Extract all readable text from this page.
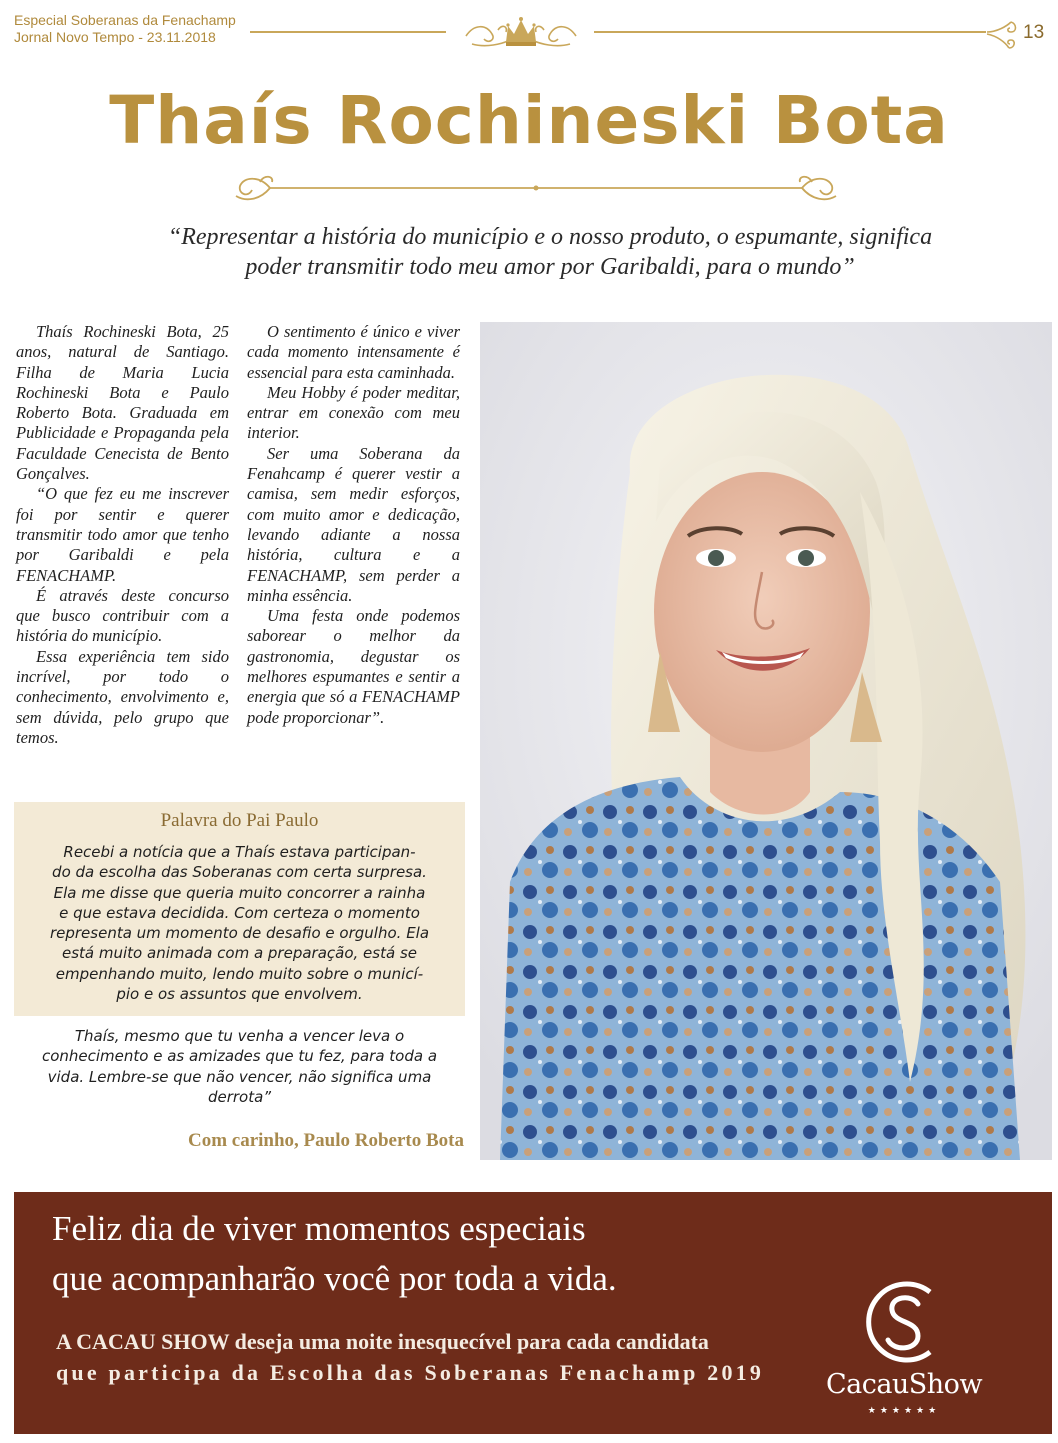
Especial Soberanas da Fenachamp
Jornal Novo Tempo - 23.11.2018	13
Thaís Rochineski Bota
“Representar a história do município e o nosso produto, o espumante, significa
poder transmitir todo meu amor por Garibaldi, para o mundo”

Thaís Rochineski Bota, 25 anos, natural de Santiago. Filha de Maria Lucia Rochineski Bota e Paulo Roberto Bota. Graduada em Publicidade e Propaganda pela Faculdade Cenecista de Bento Gonçalves.

“O que fez eu me inscrever foi por sentir e querer transmitir todo amor que tenho por Garibaldi e pela FENACHAMP.

É através deste concurso que busco contribuir com a história do município.

Essa experiência tem sido incrível, por todo o conhecimento, envolvimento e, sem dúvida, pelo grupo que temos.

O sentimento é único e viver cada momento intensamente é essencial para esta caminhada.

Meu Hobby é poder meditar, entrar em conexão com meu interior.

Ser uma Soberana da Fenahcamp é querer vestir a camisa, sem medir esforços, com muito amor e dedicação, levando adiante a nossa história, cultura e a FENACHAMP, sem perder a minha essência.

Uma festa onde podemos saborear o melhor da gastronomia, degustar os melhores espumantes e sentir a energia que só a FENACHAMP pode proporcionar”.

Palavra do Pai Paulo
Recebi a notícia que a Thaís estava participan-
do da escolha das Soberanas com certa surpresa.
Ela me disse que queria muito concorrer a rainha
e que estava decidida. Com certeza o momento
representa um momento de desafio e orgulho. Ela
está muito animada com a preparação, está se
empenhando muito, lendo muito sobre o municí-
pio e os assuntos que envolvem.
Thaís, mesmo que tu venha a vencer leva o
conhecimento e as amizades que tu fez, para toda a
vida. Lembre-se que não vencer, não significa uma
derrota”
Com carinho, Paulo Roberto Bota
Feliz dia de viver momentos especiais
que acompanharão você por toda a vida.
A CACAU SHOW deseja uma noite inesquecível para cada candidata
que participa da Escolha das Soberanas Fenachamp 2019 CacauShow
★★★★★★
